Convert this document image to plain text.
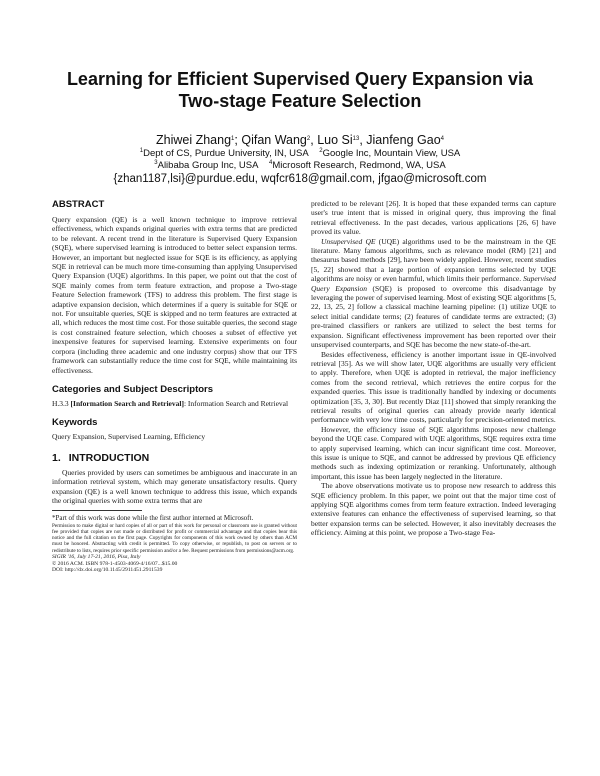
Learning for Efficient Supervised Query Expansion via
Two-stage Feature Selection
Zhiwei Zhang$^1$; Qifan Wang$^2$, Luo Si$^{13}$, Jianfeng Gao$^4$
$^1$Dept of CS, Purdue University, IN, USA $^2$Google Inc, Mountain View, USA
$^3$Alibaba Group Inc, USA $^4$Microsoft Research, Redmond, WA, USA
{zhan1187,lsi}@purdue.edu, wqfcr618@gmail.com, jfgao@microsoft.com
ABSTRACT

Query expansion (QE) is a well known technique to improve retrieval effectiveness, which expands original queries with extra terms that are predicted to be relevant. A recent trend in the literature is Supervised Query Expansion (SQE), where supervised learning is introduced to better select expansion terms. However, an important but neglected issue for SQE is its efficiency, as applying SQE in retrieval can be much more time-consuming than applying Unsupervised Query Expansion (UQE) algorithms. In this paper, we point out that the cost of SQE mainly comes from term feature extraction, and propose a Two-stage Feature Selection framework (TFS) to address this problem. The first stage is adaptive expansion decision, which determines if a query is suitable for SQE or not. For unsuitable queries, SQE is skipped and no term features are extracted at all, which reduces the most time cost. For those suitable queries, the second stage is cost constrained feature selection, which chooses a subset of effective yet inexpensive features for supervised learning. Extensive experiments on four corpora (including three academic and one industry corpus) show that our TFS framework can substantially reduce the time cost for SQE, while maintaining its effectiveness.

Categories and Subject Descriptors

H.3.3 [Information Search and Retrieval]: Information Search and Retrieval

Keywords

Query Expansion, Supervised Learning, Efficiency

1. INTRODUCTION

Queries provided by users can sometimes be ambiguous and inaccurate in an information retrieval system, which may generate unsatisfactory results. Query expansion (QE) is a well known technique to address this issue, which expands the original queries with some extra terms that are

*Part of this work was done while the first author interned at Microsoft.

Permission to make digital or hard copies of all or part of this work for personal or classroom use is granted without fee provided that copies are not made or distributed for profit or commercial advantage and that copies bear this notice and the full citation on the first page. Copyrights for components of this work owned by others than ACM must be honored. Abstracting with credit is permitted. To copy otherwise, or republish, to post on servers or to redistribute to lists, requires prior specific permission and/or a fee. Request permissions from permissions@acm.org.

SIGIR '16, July 17-21, 2016, Pisa, Italy
© 2016 ACM. ISBN 978-1-4503-4069-4/16/07...$15.00
DOI: http://dx.doi.org/10.1145/2911451.2911539

predicted to be relevant [26]. It is hoped that these expanded terms can capture user's true intent that is missed in original query, thus improving the final retrieval effectiveness. In the past decades, various applications [26, 6] have proved its value.

Unsupervised QE (UQE) algorithms used to be the mainstream in the QE literature. Many famous algorithms, such as relevance model (RM) [21] and thesaurus based methods [29], have been widely applied. However, recent studies [5, 22] showed that a large portion of expansion terms selected by UQE algorithms are noisy or even harmful, which limits their performance. Supervised Query Expansion (SQE) is proposed to overcome this disadvantage by leveraging the power of supervised learning. Most of existing SQE algorithms [5, 22, 13, 25, 2] follow a classical machine learning pipeline: (1) utilize UQE to select initial candidate terms; (2) features of candidate terms are extracted; (3) pre-trained classifiers or rankers are utilized to select the best terms for expansion. Significant effectiveness improvement has been reported over their unsupervised counterparts, and SQE has become the new state-of-the-art.

Besides effectiveness, efficiency is another important issue in QE-involved retrieval [35]. As we will show later, UQE algorithms are usually very efficient to apply. Therefore, when UQE is adopted in retrieval, the major inefficiency comes from the second retrieval, which retrieves the entire corpus for the expanded queries. This issue is traditionally handled by indexing or documents optimization [35, 3, 30]. But recently Diaz [11] showed that simply reranking the retrieval results of original queries can already provide nearly identical performance with very low time costs, particularly for precision-oriented metrics.

However, the efficiency issue of SQE algorithms imposes new challenge beyond the UQE case. Compared with UQE algorithms, SQE requires extra time to apply supervised learning, which can incur significant time cost. Moreover, this issue is unique to SQE, and cannot be addressed by previous QE efficiency methods such as indexing optimization or reranking. Unfortunately, although important, this issue has been largely neglected in the literature.

The above observations motivate us to propose new research to address this SQE efficiency problem. In this paper, we point out that the major time cost of applying SQE algorithms comes from term feature extraction. Indeed leveraging extensive features can enhance the effectiveness of supervised learning, so that better expansion terms can be selected. However, it also inevitably decreases the efficiency. Aiming at this point, we propose a Two-stage Fea-
